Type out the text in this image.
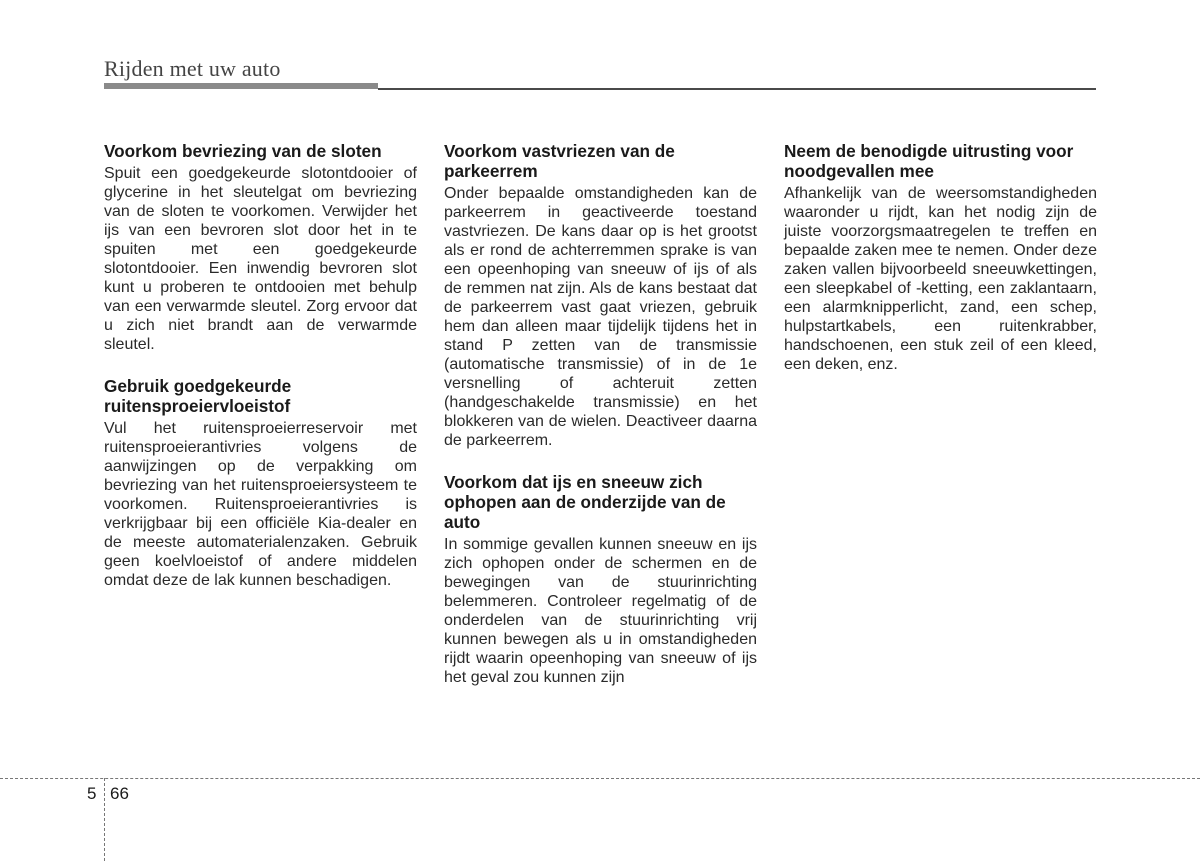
Rijden met uw auto
Voorkom bevriezing van de sloten

Spuit een goedgekeurde slotontdooier of glycerine in het sleutelgat om bevriezing van de sloten te voorkomen. Verwijder het ijs van een bevroren slot door het in te spuiten met een goedgekeurde slotontdooier. Een inwendig bevroren slot kunt u proberen te ontdooien met behulp van een verwarmde sleutel. Zorg ervoor dat u zich niet brandt aan de verwarmde sleutel.

Gebruik goedgekeurde ruitensproeiervloeistof

Vul het ruitensproeierreservoir met ruitensproeierantivries volgens de aanwijzingen op de verpakking om bevriezing van het ruitensproeiersysteem te voorkomen. Ruitensproeierantivries is verkrijgbaar bij een officiële Kia-dealer en de meeste automaterialenzaken. Gebruik geen koelvloeistof of andere middelen omdat deze de lak kunnen beschadigen.

Voorkom vastvriezen van de parkeerrem

Onder bepaalde omstandigheden kan de parkeerrem in geactiveerde toestand vastvriezen. De kans daar op is het grootst als er rond de achterremmen sprake is van een opeenhoping van sneeuw of ijs of als de remmen nat zijn. Als de kans bestaat dat de parkeerrem vast gaat vriezen, gebruik hem dan alleen maar tijdelijk tijdens het in stand P zetten van de transmissie (automatische transmissie) of in de 1e versnelling of achteruit zetten (handgeschakelde transmissie) en het blokkeren van de wielen. Deactiveer daarna de parkeerrem.

Voorkom dat ijs en sneeuw zich ophopen aan de onderzijde van de auto

In sommige gevallen kunnen sneeuw en ijs zich ophopen onder de schermen en de bewegingen van de stuurinrichting belemmeren. Controleer regelmatig of de onderdelen van de stuurinrichting vrij kunnen bewegen als u in omstandigheden rijdt waarin opeenhoping van sneeuw of ijs het geval zou kunnen zijn

Neem de benodigde uitrusting voor noodgevallen mee

Afhankelijk van de weersomstandigheden waaronder u rijdt, kan het nodig zijn de juiste voorzorgsmaatregelen te treffen en bepaalde zaken mee te nemen. Onder deze zaken vallen bijvoorbeeld sneeuwkettingen, een sleepkabel of -ketting, een zaklantaarn, een alarmknipperlicht, zand, een schep, hulpstartkabels, een ruitenkrabber, handschoenen, een stuk zeil of een kleed, een deken, enz.

5 66
